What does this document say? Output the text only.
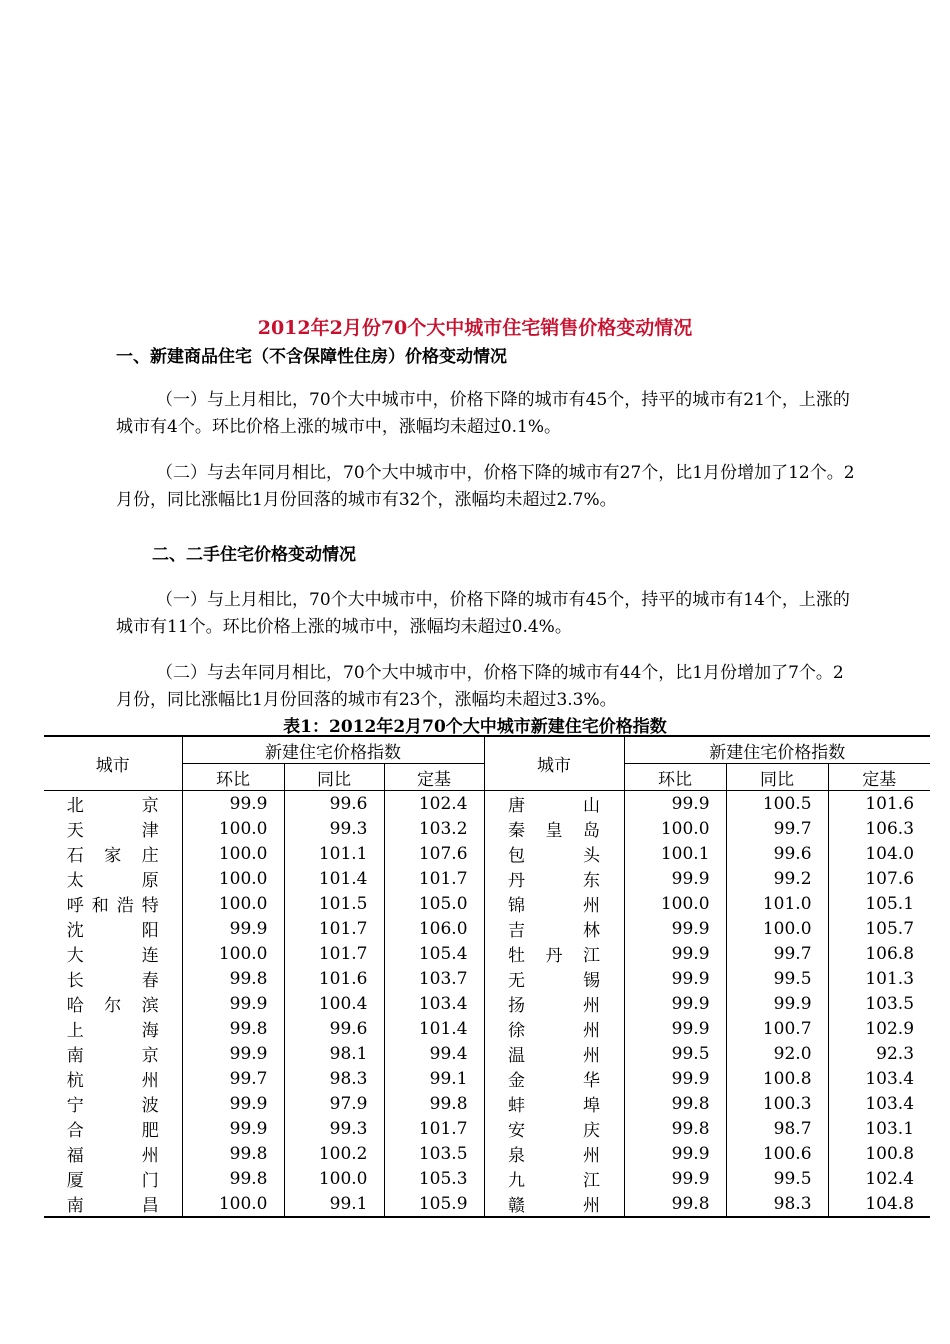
2012年2月份70个大中城市住宅销售价格变动情况
一、新建商品住宅（不含保障性住房）价格变动情况
（一）与上月相比，70个大中城市中，价格下降的城市有45个，持平的城市有21个，上涨的城市有4个。环比价格上涨的城市中，涨幅均未超过0.1%。
（二）与去年同月相比，70个大中城市中，价格下降的城市有27个，比1月份增加了12个。2月份，同比涨幅比1月份回落的城市有32个，涨幅均未超过2.7%。
二、二手住宅价格变动情况
（一）与上月相比，70个大中城市中，价格下降的城市有45个，持平的城市有14个，上涨的城市有11个。环比价格上涨的城市中，涨幅均未超过0.4%。
（二）与去年同月相比，70个大中城市中，价格下降的城市有44个，比1月份增加了7个。2月份，同比涨幅比1月份回落的城市有23个，涨幅均未超过3.3%。
表1：2012年2月70个大中城市新建住宅价格指数
城市	新建住宅价格指数			城市	新建住宅价格指数		
	环比	同比	定基		环比	同比	定基
北京	99.9	99.6	102.4	唐山	99.9	100.5	101.6
天津	100.0	99.3	103.2	秦皇岛	100.0	99.7	106.3
石家庄	100.0	101.1	107.6	包头	100.1	99.6	104.0
太原	100.0	101.4	101.7	丹东	99.9	99.2	107.6
呼和浩特	100.0	101.5	105.0	锦州	100.0	101.0	105.1
沈阳	99.9	101.7	106.0	吉林	99.9	100.0	105.7
大连	100.0	101.7	105.4	牡丹江	99.9	99.7	106.8
长春	99.8	101.6	103.7	无锡	99.9	99.5	101.3
哈尔滨	99.9	100.4	103.4	扬州	99.9	99.9	103.5
上海	99.8	99.6	101.4	徐州	99.9	100.7	102.9
南京	99.9	98.1	99.4	温州	99.5	92.0	92.3
杭州	99.7	98.3	99.1	金华	99.9	100.8	103.4
宁波	99.9	97.9	99.8	蚌埠	99.8	100.3	103.4
合肥	99.9	99.3	101.7	安庆	99.8	98.7	103.1
福州	99.8	100.2	103.5	泉州	99.9	100.6	100.8
厦门	99.8	100.0	105.3	九江	99.9	99.5	102.4
南昌	100.0	99.1	105.9	赣州	99.8	98.3	104.8
